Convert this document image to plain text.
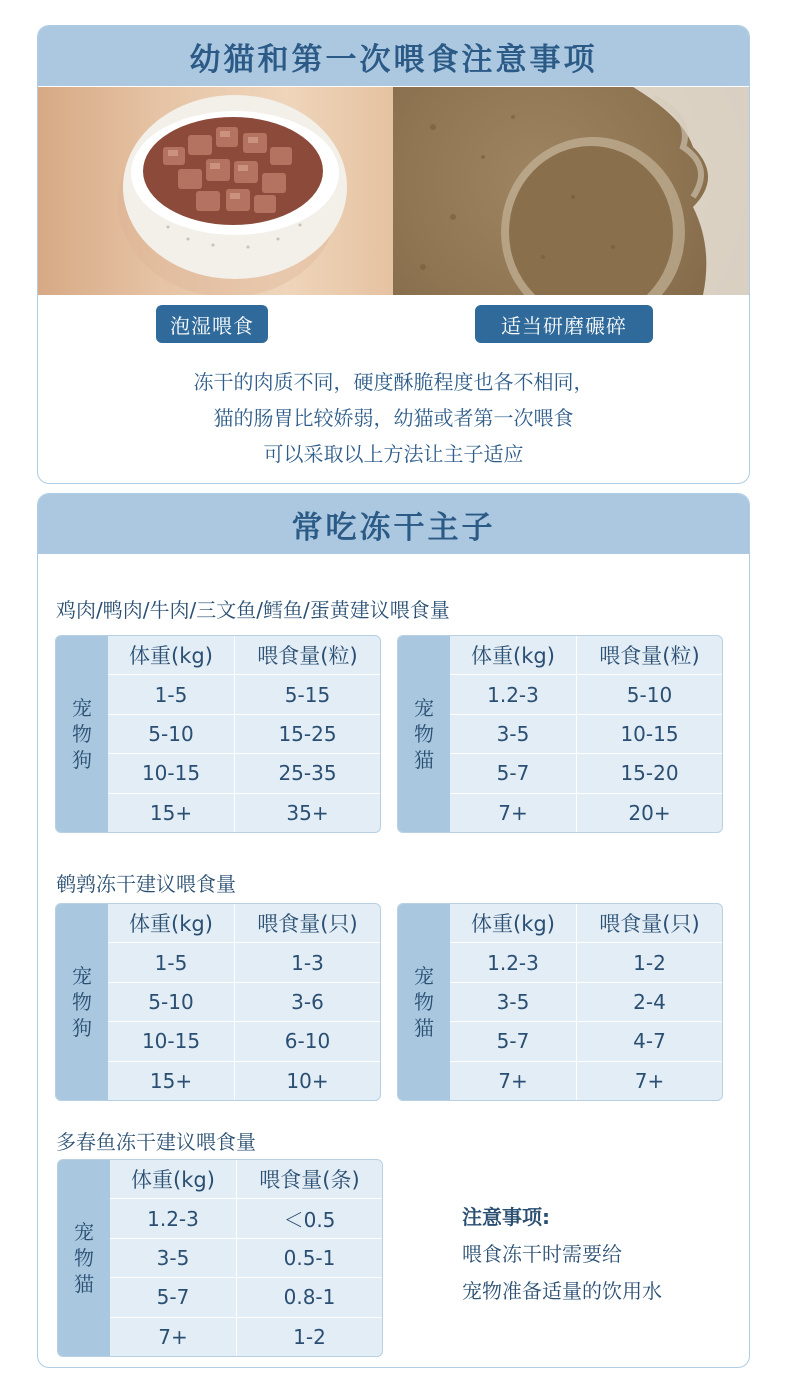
幼猫和第一次喂食注意事项
泡湿喂食	适当研磨碾碎
冻干的肉质不同，硬度酥脆程度也各不相同，
猫的肠胃比较娇弱，幼猫或者第一次喂食
可以采取以上方法让主子适应
常吃冻干主子
鸡肉/鸭肉/牛肉/三文鱼/鳕鱼/蛋黄建议喂食量
宠
物
狗
体重(kg)	喂食量(粒)
1-5	5-15
5-10	15-25
10-15	25-35
15+	35+
宠
物
猫
体重(kg)	喂食量(粒)
1.2-3	5-10
3-5	10-15
5-7	15-20
7+	20+
鹌鹑冻干建议喂食量
宠
物
狗
体重(kg)	喂食量(只)
1-5	1-3
5-10	3-6
10-15	6-10
15+	10+
宠
物
猫
体重(kg)	喂食量(只)
1.2-3	1-2
3-5	2-4
5-7	4-7
7+	7+
多春鱼冻干建议喂食量
宠
物
猫
体重(kg)	喂食量(条)
1.2-3	＜0.5
3-5	0.5-1
5-7	0.8-1
7+	1-2
注意事项:
喂食冻干时需要给
宠物准备适量的饮用水
